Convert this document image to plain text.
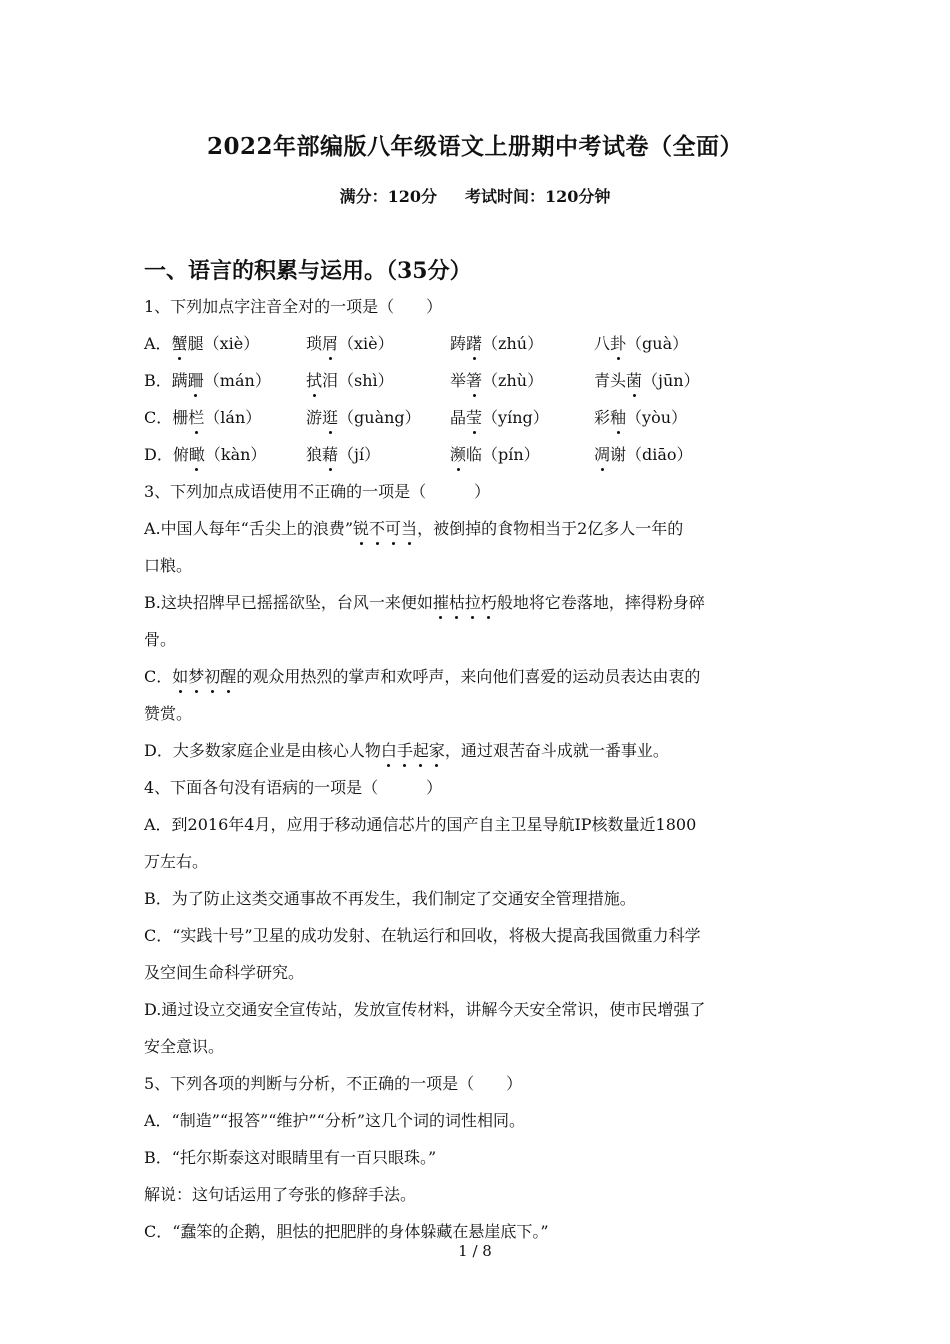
2022年部编版八年级语文上册期中考试卷（全面）
满分：120分 考试时间：120分钟
一、语言的积累与运用。（35分）
1、下列加点字注音全对的一项是（　　）
A．蟹腿（xiè）	琐屑（xiè）	踌躇（zhú）	八卦（guà）
B．蹒跚（mán） 拭泪（shì）	举箸（zhù）	青头菌（jūn）
C．栅栏（lán）	游逛（guàng） 晶莹（yíng）	彩釉（yòu）
D．俯瞰（kàn） 狼藉（jí）	濒临（pín）	凋谢（diāo）
3、下列加点成语使用不正确的一项是（　　　）
A.中国人每年“舌尖上的浪费”锐不可当，被倒掉的食物相当于2亿多人一年的
口粮。
B.这块招牌早已摇摇欲坠，台风一来便如摧枯拉朽般地将它卷落地，摔得粉身碎
骨。
C．如梦初醒的观众用热烈的掌声和欢呼声，来向他们喜爱的运动员表达由衷的
赞赏。
D．大多数家庭企业是由核心人物白手起家，通过艰苦奋斗成就一番事业。
4、下面各句没有语病的一项是（　　　）
A．到2016年4月，应用于移动通信芯片的国产自主卫星导航IP核数量近1800
万左右。
B．为了防止这类交通事故不再发生，我们制定了交通安全管理措施。
C．“实践十号”卫星的成功发射、在轨运行和回收，将极大提高我国微重力科学
及空间生命科学研究。
D.通过设立交通安全宣传站，发放宣传材料，讲解今天安全常识，使市民增强了
安全意识。
5、下列各项的判断与分析，不正确的一项是（　　）
A．“制造”“报答”“维护”“分析”这几个词的词性相同。
B．“托尔斯泰这对眼睛里有一百只眼珠。”
解说：这句话运用了夸张的修辞手法。
C．“蠢笨的企鹅，胆怯的把肥胖的身体躲藏在悬崖底下。”
1 / 8
